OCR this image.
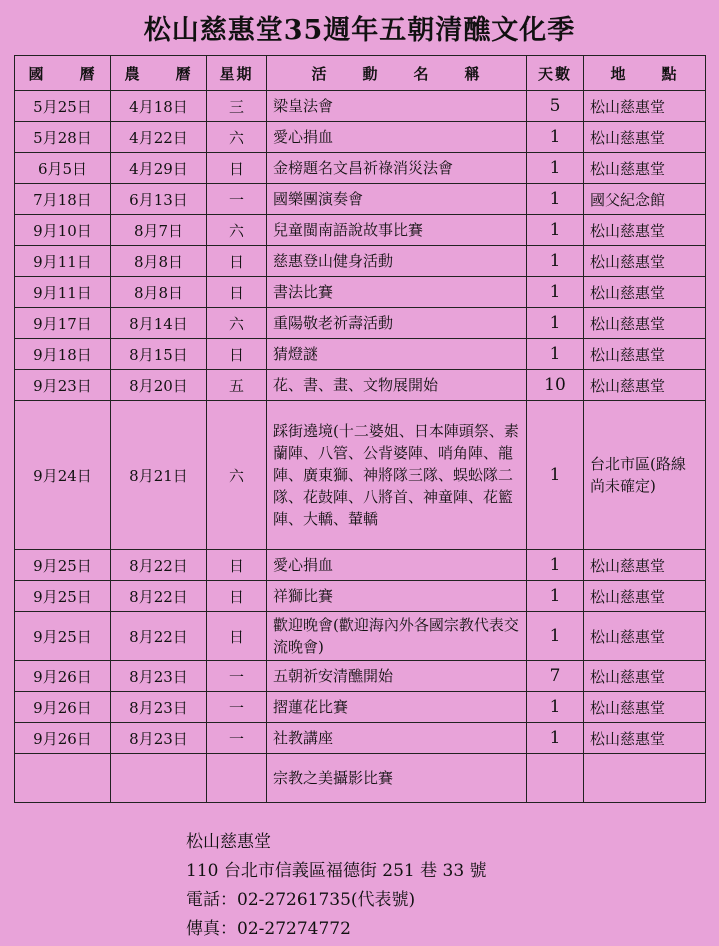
松山慈惠堂35週年五朝清醮文化季
國　　曆	農　　曆	星期	活　　動　　名　　稱	天數	地　　點
5月25日	4月18日	三	梁皇法會	5	松山慈惠堂
5月28日	4月22日	六	愛心捐血	1	松山慈惠堂
6月5日	4月29日	日	金榜題名文昌祈祿消災法會	1	松山慈惠堂
7月18日	6月13日	一	國樂團演奏會	1	國父紀念館
9月10日	8月7日	六	兒童閩南語說故事比賽	1	松山慈惠堂
9月11日	8月8日	日	慈惠登山健身活動	1	松山慈惠堂
9月11日	8月8日	日	書法比賽	1	松山慈惠堂
9月17日	8月14日	六	重陽敬老祈壽活動	1	松山慈惠堂
9月18日	8月15日	日	猜燈謎	1	松山慈惠堂
9月23日	8月20日	五	花、書、畫、文物展開始	10	松山慈惠堂
9月24日	8月21日	六	踩街遶境(十二婆姐、日本陣頭祭、素蘭陣、八管、公背婆陣、哨角陣、龍陣、廣東獅、神將隊三隊、蜈蚣隊二隊、花鼓陣、八將首、神童陣、花籃陣、大轎、輦轎	1	台北市區(路線尚未確定)
9月25日	8月22日	日	愛心捐血	1	松山慈惠堂
9月25日	8月22日	日	祥獅比賽	1	松山慈惠堂
9月25日	8月22日	日	歡迎晚會(歡迎海內外各國宗教代表交流晚會)	1	松山慈惠堂
9月26日	8月23日	一	五朝祈安清醮開始	7	松山慈惠堂
9月26日	8月23日	一	摺蓮花比賽	1	松山慈惠堂
9月26日	8月23日	一	社教講座	1	松山慈惠堂
			宗教之美攝影比賽		
松山慈惠堂
110 台北市信義區福德街 251 巷 33 號
電話：02-27261735(代表號)
傳真：02-27274772
